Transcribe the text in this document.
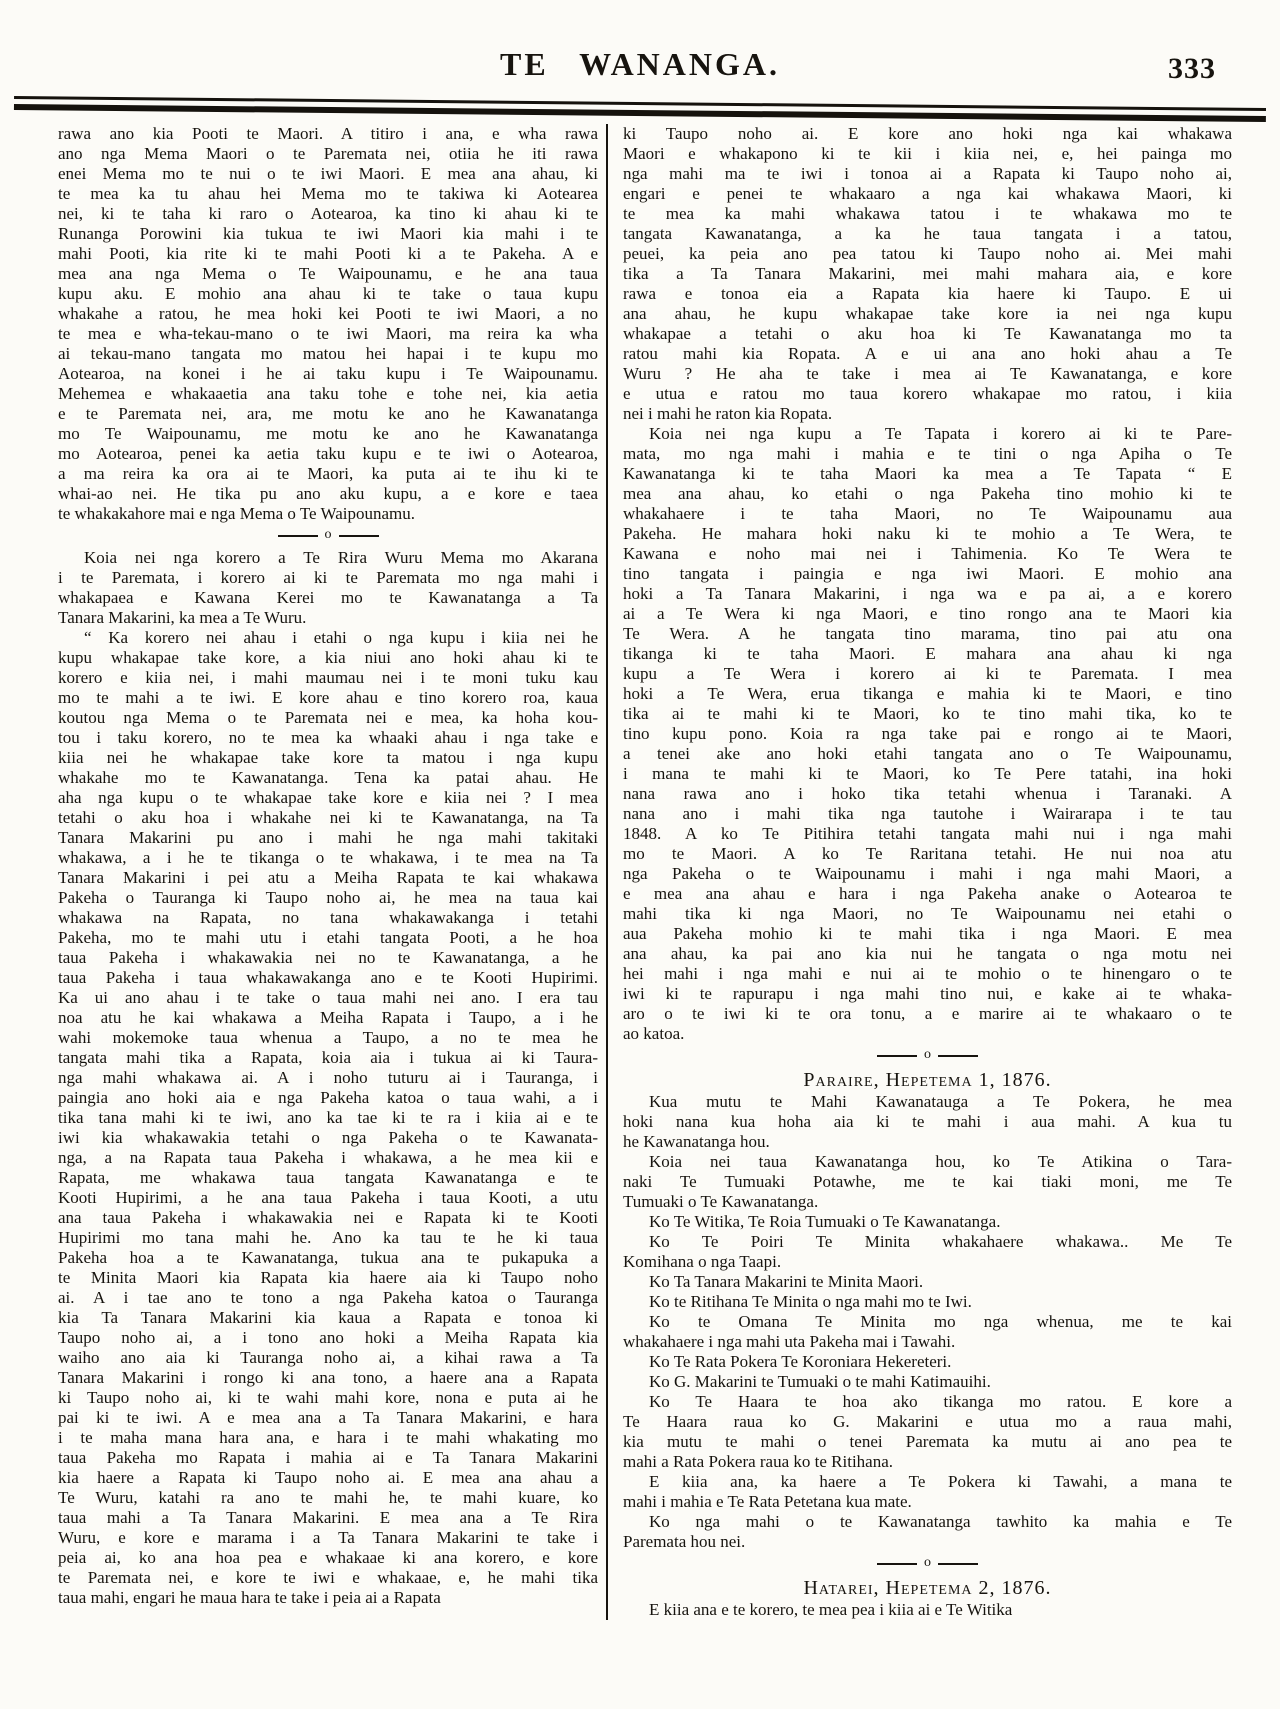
TE WANANGA.	333
rawa ano kia Pooti te Maori. A titiro i ana, e wha rawa
ano nga Mema Maori o te Paremata nei, otiia he iti rawa
enei Mema mo te nui o te iwi Maori. E mea ana ahau, ki
te mea ka tu ahau hei Mema mo te takiwa ki Aotearea
nei, ki te taha ki raro o Aotearoa, ka tino ki ahau ki te
Runanga Porowini kia tukua te iwi Maori kia mahi i te
mahi Pooti, kia rite ki te mahi Pooti ki a te Pakeha. A e
mea ana nga Mema o Te Waipounamu, e he ana taua
kupu aku. E mohio ana ahau ki te take o taua kupu
whakahe a ratou, he mea hoki kei Pooti te iwi Maori, a no
te mea e wha-tekau-mano o te iwi Maori, ma reira ka wha
ai tekau-mano tangata mo matou hei hapai i te kupu mo
Aotearoa, na konei i he ai taku kupu i Te Waipounamu.
Mehemea e whakaaetia ana taku tohe e tohe nei, kia aetia
e te Paremata nei, ara, me motu ke ano he Kawanatanga
mo Te Waipounamu, me motu ke ano he Kawanatanga
mo Aotearoa, penei ka aetia taku kupu e te iwi o Aotearoa,
a ma reira ka ora ai te Maori, ka puta ai te ihu ki te
whai-ao nei. He tika pu ano aku kupu, a e kore e taea
te whakakahore mai e nga Mema o Te Waipounamu.
o
Koia nei nga korero a Te Rira Wuru Mema mo Akarana
i te Paremata, i korero ai ki te Paremata mo nga mahi i
whakapaea e Kawana Kerei mo te Kawanatanga a Ta
Tanara Makarini, ka mea a Te Wuru.
“ Ka korero nei ahau i etahi o nga kupu i kiia nei he
kupu whakapae take kore, a kia niui ano hoki ahau ki te
korero e kiia nei, i mahi maumau nei i te moni tuku kau
mo te mahi a te iwi. E kore ahau e tino korero roa, kaua
koutou nga Mema o te Paremata nei e mea, ka hoha kou-
tou i taku korero, no te mea ka whaaki ahau i nga take e
kiia nei he whakapae take kore ta matou i nga kupu
whakahe mo te Kawanatanga. Tena ka patai ahau. He
aha nga kupu o te whakapae take kore e kiia nei ? I mea
tetahi o aku hoa i whakahe nei ki te Kawanatanga, na Ta
Tanara Makarini pu ano i mahi he nga mahi takitaki
whakawa, a i he te tikanga o te whakawa, i te mea na Ta
Tanara Makarini i pei atu a Meiha Rapata te kai whakawa
Pakeha o Tauranga ki Taupo noho ai, he mea na taua kai
whakawa na Rapata, no tana whakawakanga i tetahi
Pakeha, mo te mahi utu i etahi tangata Pooti, a he hoa
taua Pakeha i whakawakia nei no te Kawanatanga, a he
taua Pakeha i taua whakawakanga ano e te Kooti Hupirimi.
Ka ui ano ahau i te take o taua mahi nei ano. I era tau
noa atu he kai whakawa a Meiha Rapata i Taupo, a i he
wahi mokemoke taua whenua a Taupo, a no te mea he
tangata mahi tika a Rapata, koia aia i tukua ai ki Taura-
nga mahi whakawa ai. A i noho tuturu ai i Tauranga, i
paingia ano hoki aia e nga Pakeha katoa o taua wahi, a i
tika tana mahi ki te iwi, ano ka tae ki te ra i kiia ai e te
iwi kia whakawakia tetahi o nga Pakeha o te Kawanata-
nga, a na Rapata taua Pakeha i whakawa, a he mea kii e
Rapata, me whakawa taua tangata Kawanatanga e te
Kooti Hupirimi, a he ana taua Pakeha i taua Kooti, a utu
ana taua Pakeha i whakawakia nei e Rapata ki te Kooti
Hupirimi mo tana mahi he. Ano ka tau te he ki taua
Pakeha hoa a te Kawanatanga, tukua ana te pukapuka a
te Minita Maori kia Rapata kia haere aia ki Taupo noho
ai. A i tae ano te tono a nga Pakeha katoa o Tauranga
kia Ta Tanara Makarini kia kaua a Rapata e tonoa ki
Taupo noho ai, a i tono ano hoki a Meiha Rapata kia
waiho ano aia ki Tauranga noho ai, a kihai rawa a Ta
Tanara Makarini i rongo ki ana tono, a haere ana a Rapata
ki Taupo noho ai, ki te wahi mahi kore, nona e puta ai he
pai ki te iwi. A e mea ana a Ta Tanara Makarini, e hara
i te maha mana hara ana, e hara i te mahi whakating mo
taua Pakeha mo Rapata i mahia ai e Ta Tanara Makarini
kia haere a Rapata ki Taupo noho ai. E mea ana ahau a
Te Wuru, katahi ra ano te mahi he, te mahi kuare, ko
taua mahi a Ta Tanara Makarini. E mea ana a Te Rira
Wuru, e kore e marama i a Ta Tanara Makarini te take i
peia ai, ko ana hoa pea e whakaae ki ana korero, e kore
te Paremata nei, e kore te iwi e whakaae, e, he mahi tika
taua mahi, engari he maua hara te take i peia ai a Rapata
ki Taupo noho ai. E kore ano hoki nga kai whakawa
Maori e whakapono ki te kii i kiia nei, e, hei painga mo
nga mahi ma te iwi i tonoa ai a Rapata ki Taupo noho ai,
engari e penei te whakaaro a nga kai whakawa Maori, ki
te mea ka mahi whakawa tatou i te whakawa mo te
tangata Kawanatanga, a ka he taua tangata i a tatou,
peuei, ka peia ano pea tatou ki Taupo noho ai. Mei mahi
tika a Ta Tanara Makarini, mei mahi mahara aia, e kore
rawa e tonoa eia a Rapata kia haere ki Taupo. E ui
ana ahau, he kupu whakapae take kore ia nei nga kupu
whakapae a tetahi o aku hoa ki Te Kawanatanga mo ta
ratou mahi kia Ropata. A e ui ana ano hoki ahau a Te
Wuru ? He aha te take i mea ai Te Kawanatanga, e kore
e utua e ratou mo taua korero whakapae mo ratou, i kiia
nei i mahi he raton kia Ropata.
Koia nei nga kupu a Te Tapata i korero ai ki te Pare-
mata, mo nga mahi i mahia e te tini o nga Apiha o Te
Kawanatanga ki te taha Maori ka mea a Te Tapata “ E
mea ana ahau, ko etahi o nga Pakeha tino mohio ki te
whakahaere i te taha Maori, no Te Waipounamu aua
Pakeha. He mahara hoki naku ki te mohio a Te Wera, te
Kawana e noho mai nei i Tahimenia. Ko Te Wera te
tino tangata i paingia e nga iwi Maori. E mohio ana
hoki a Ta Tanara Makarini, i nga wa e pa ai, a e korero
ai a Te Wera ki nga Maori, e tino rongo ana te Maori kia
Te Wera. A he tangata tino marama, tino pai atu ona
tikanga ki te taha Maori. E mahara ana ahau ki nga
kupu a Te Wera i korero ai ki te Paremata. I mea
hoki a Te Wera, erua tikanga e mahia ki te Maori, e tino
tika ai te mahi ki te Maori, ko te tino mahi tika, ko te
tino kupu pono. Koia ra nga take pai e rongo ai te Maori,
a tenei ake ano hoki etahi tangata ano o Te Waipounamu,
i mana te mahi ki te Maori, ko Te Pere tatahi, ina hoki
nana rawa ano i hoko tika tetahi whenua i Taranaki. A
nana ano i mahi tika nga tautohe i Wairarapa i te tau
1848. A ko Te Pitihira tetahi tangata mahi nui i nga mahi
mo te Maori. A ko Te Raritana tetahi. He nui noa atu
nga Pakeha o te Waipounamu i mahi i nga mahi Maori, a
e mea ana ahau e hara i nga Pakeha anake o Aotearoa te
mahi tika ki nga Maori, no Te Waipounamu nei etahi o
aua Pakeha mohio ki te mahi tika i nga Maori. E mea
ana ahau, ka pai ano kia nui he tangata o nga motu nei
hei mahi i nga mahi e nui ai te mohio o te hinengaro o te
iwi ki te rapurapu i nga mahi tino nui, e kake ai te whaka-
aro o te iwi ki te ora tonu, a e marire ai te whakaaro o te
ao katoa.
o
Paraire, Hepetema 1, 1876.
Kua mutu te Mahi Kawanatauga a Te Pokera, he mea
hoki nana kua hoha aia ki te mahi i aua mahi. A kua tu
he Kawanatanga hou.
Koia nei taua Kawanatanga hou, ko Te Atikina o Tara-
naki Te Tumuaki Potawhe, me te kai tiaki moni, me Te
Tumuaki o Te Kawanatanga.
Ko Te Witika, Te Roia Tumuaki o Te Kawanatanga.
Ko Te Poiri Te Minita whakahaere whakawa.. Me Te
Komihana o nga Taapi.
Ko Ta Tanara Makarini te Minita Maori.
Ko te Ritihana Te Minita o nga mahi mo te Iwi.
Ko te Omana Te Minita mo nga whenua, me te kai
whakahaere i nga mahi uta Pakeha mai i Tawahi.
Ko Te Rata Pokera Te Koroniara Hekereteri.
Ko G. Makarini te Tumuaki o te mahi Katimauihi.
Ko Te Haara te hoa ako tikanga mo ratou. E kore a
Te Haara raua ko G. Makarini e utua mo a raua mahi,
kia mutu te mahi o tenei Paremata ka mutu ai ano pea te
mahi a Rata Pokera raua ko te Ritihana.
E kiia ana, ka haere a Te Pokera ki Tawahi, a mana te
mahi i mahia e Te Rata Petetana kua mate.
Ko nga mahi o te Kawanatanga tawhito ka mahia e Te
Paremata hou nei.
o
Hatarei, Hepetema 2, 1876.
E kiia ana e te korero, te mea pea i kiia ai e Te Witika
